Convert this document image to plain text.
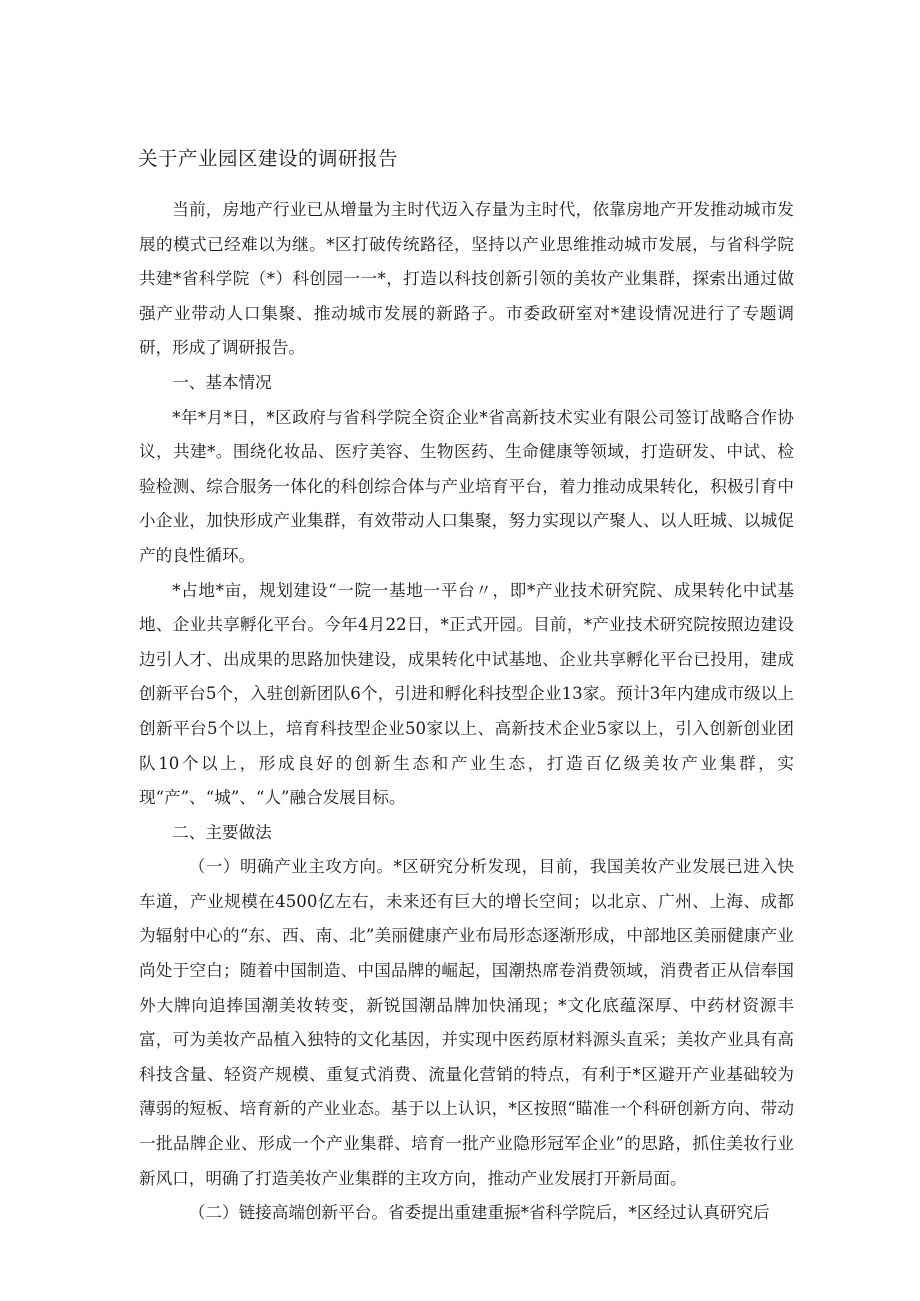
关于产业园区建设的调研报告

当前，房地产行业已从增量为主时代迈入存量为主时代，依靠房地产开发推动城市发展的模式已经难以为继。*区打破传统路径，坚持以产业思维推动城市发展，与省科学院共建*省科学院（*）科创园一一*，打造以科技创新引领的美妆产业集群，探索出通过做强产业带动人口集聚、推动城市发展的新路子。市委政研室对*建设情况进行了专题调研，形成了调研报告。

一、基本情况

*年*月*日，*区政府与省科学院全资企业*省高新技术实业有限公司签订战略合作协议，共建*。围绕化妆品、医疗美容、生物医药、生命健康等领域，打造研发、中试、检验检测、综合服务一体化的科创综合体与产业培育平台，着力推动成果转化，积极引育中小企业，加快形成产业集群，有效带动人口集聚，努力实现以产聚人、以人旺城、以城促产的良性循环。

*占地*亩，规划建设“一院一基地一平台〃，即*产业技术研究院、成果转化中试基地、企业共享孵化平台。今年4月22日，*正式开园。目前，*产业技术研究院按照边建设边引人才、出成果的思路加快建设，成果转化中试基地、企业共享孵化平台已投用，建成创新平台5个，入驻创新团队6个，引进和孵化科技型企业13家。预计3年内建成市级以上创新平台5个以上，培育科技型企业50家以上、高新技术企业5家以上，引入创新创业团队10个以上，形成良好的创新生态和产业生态，打造百亿级美妆产业集群，实现“产”、“城”、“人”融合发展目标。

二、主要做法

（一）明确产业主攻方向。*区研究分析发现，目前，我国美妆产业发展已进入快车道，产业规模在4500亿左右，未来还有巨大的增长空间；以北京、广州、上海、成都为辐射中心的“东、西、南、北”美丽健康产业布局形态逐渐形成，中部地区美丽健康产业尚处于空白；随着中国制造、中国品牌的崛起，国潮热席卷消费领域，消费者正从信奉国外大牌向追捧国潮美妆转变，新锐国潮品牌加快涌现；*文化底蕴深厚、中药材资源丰富，可为美妆产品植入独特的文化基因，并实现中医药原材料源头直采；美妆产业具有高科技含量、轻资产规模、重复式消费、流量化营销的特点，有利于*区避开产业基础较为薄弱的短板、培育新的产业业态。基于以上认识，*区按照“瞄准一个科研创新方向、带动一批品牌企业、形成一个产业集群、培育一批产业隐形冠军企业”的思路，抓住美妆行业新风口，明确了打造美妆产业集群的主攻方向，推动产业发展打开新局面。

（二）链接高端创新平台。省委提出重建重振*省科学院后，*区经过认真研究后
